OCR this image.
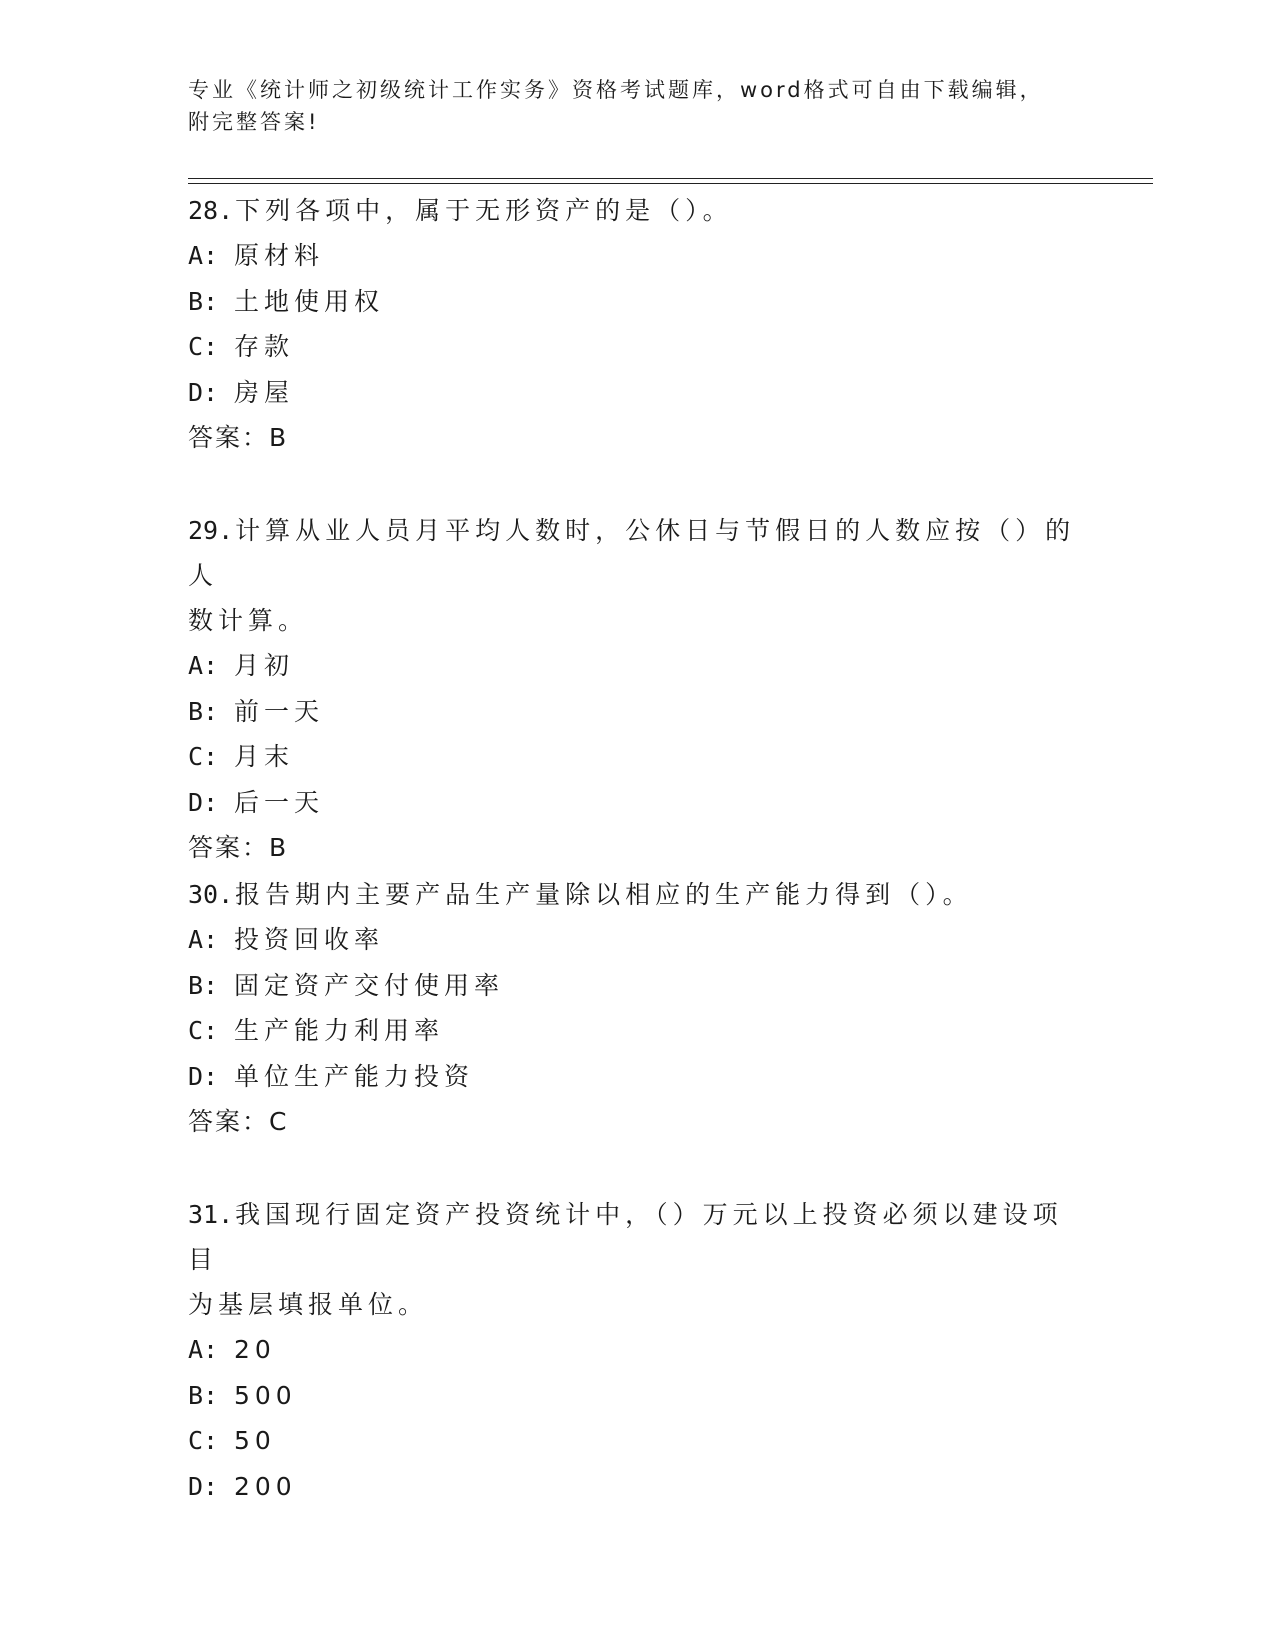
专业《统计师之初级统计工作实务》资格考试题库，word格式可自由下载编辑，
附完整答案!
28.下列各项中，属于无形资产的是（）。
A: 原材料
B: 土地使用权
C: 存款
D: 房屋
答案：B
29.计算从业人员月平均人数时，公休日与节假日的人数应按（）的人
数计算。
A: 月初
B: 前一天
C: 月末
D: 后一天
答案：B
30.报告期内主要产品生产量除以相应的生产能力得到（）。
A: 投资回收率
B: 固定资产交付使用率
C: 生产能力利用率
D: 单位生产能力投资
答案：C
31.我国现行固定资产投资统计中，（）万元以上投资必须以建设项目
为基层填报单位。
A: 20
B: 500
C: 50
D: 200
